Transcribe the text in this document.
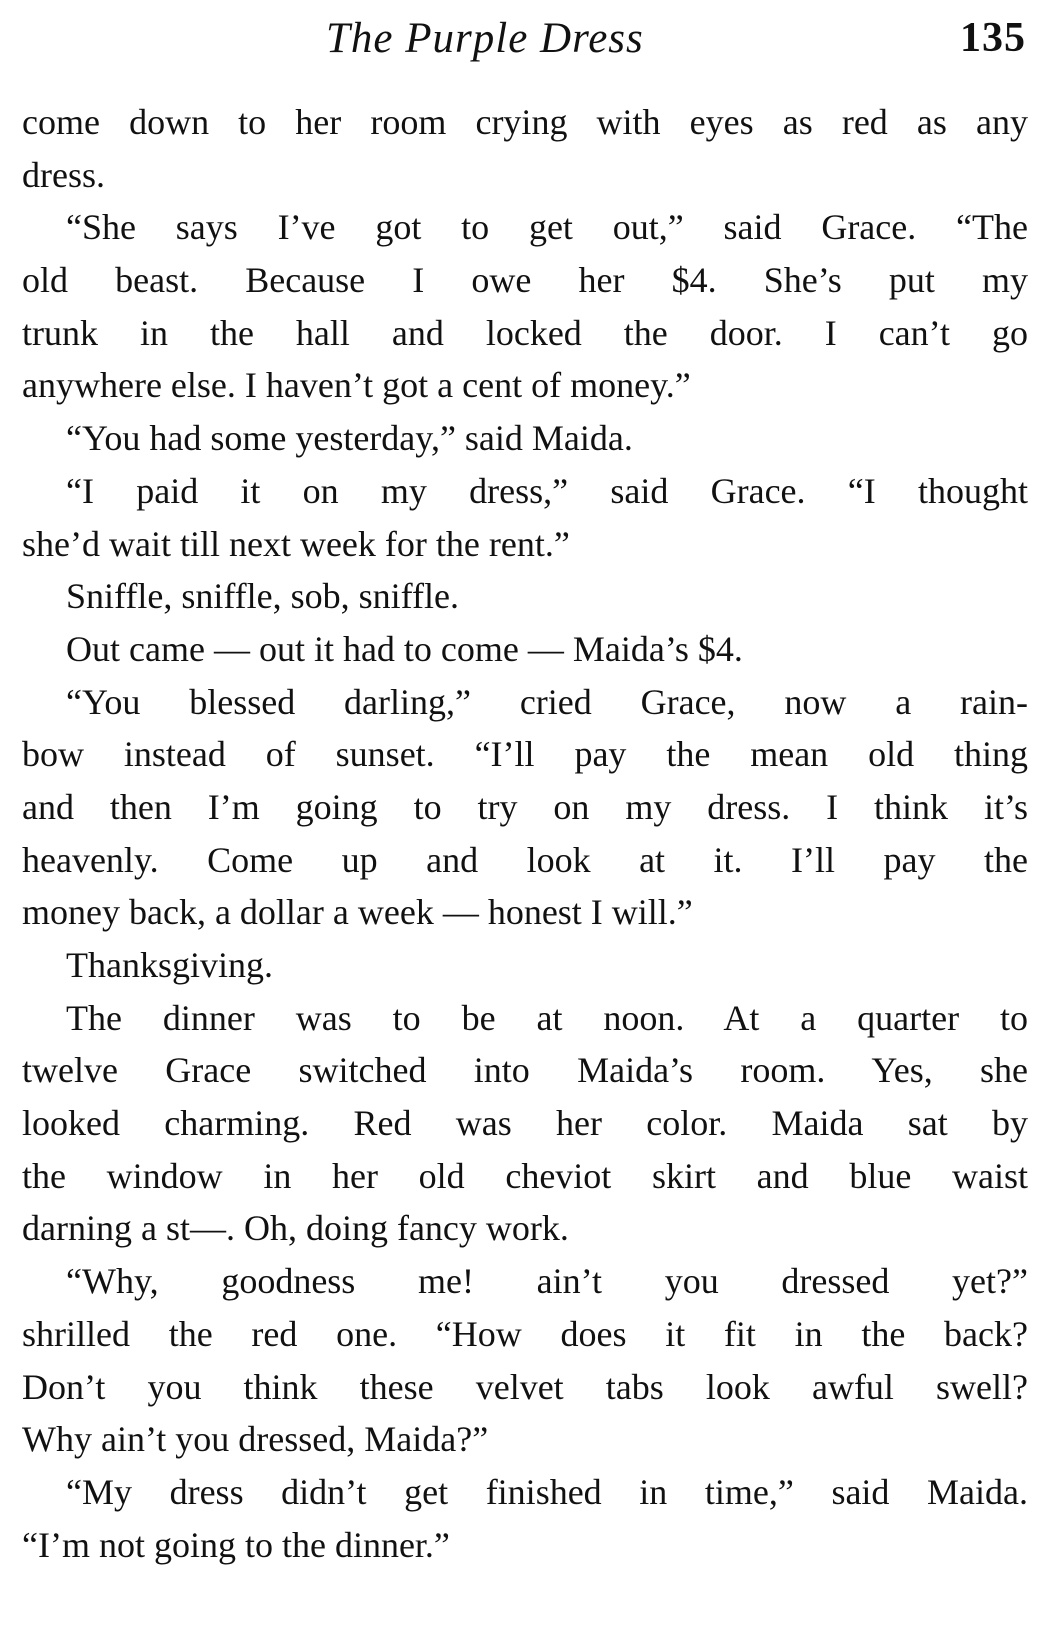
The Purple Dress	135
come down to her room crying with eyes as red as any
dress.
“She says I’ve got to get out,” said Grace. “The
old beast. Because I owe her $4. She’s put my
trunk in the hall and locked the door. I can’t go
anywhere else. I haven’t got a cent of money.”
“You had some yesterday,” said Maida.
“I paid it on my dress,” said Grace. “I thought
she’d wait till next week for the rent.”
Sniffle, sniffle, sob, sniffle.
Out came — out it had to come — Maida’s $4.
“You blessed darling,” cried Grace, now a rain-
bow instead of sunset. “I’ll pay the mean old thing
and then I’m going to try on my dress. I think it’s
heavenly. Come up and look at it. I’ll pay the
money back, a dollar a week — honest I will.”
Thanksgiving.
The dinner was to be at noon. At a quarter to
twelve Grace switched into Maida’s room. Yes, she
looked charming. Red was her color. Maida sat by
the window in her old cheviot skirt and blue waist
darning a st—. Oh, doing fancy work.
“Why, goodness me! ain’t you dressed yet?”
shrilled the red one. “How does it fit in the back?
Don’t you think these velvet tabs look awful swell?
Why ain’t you dressed, Maida?”
“My dress didn’t get finished in time,” said Maida.
“I’m not going to the dinner.”
